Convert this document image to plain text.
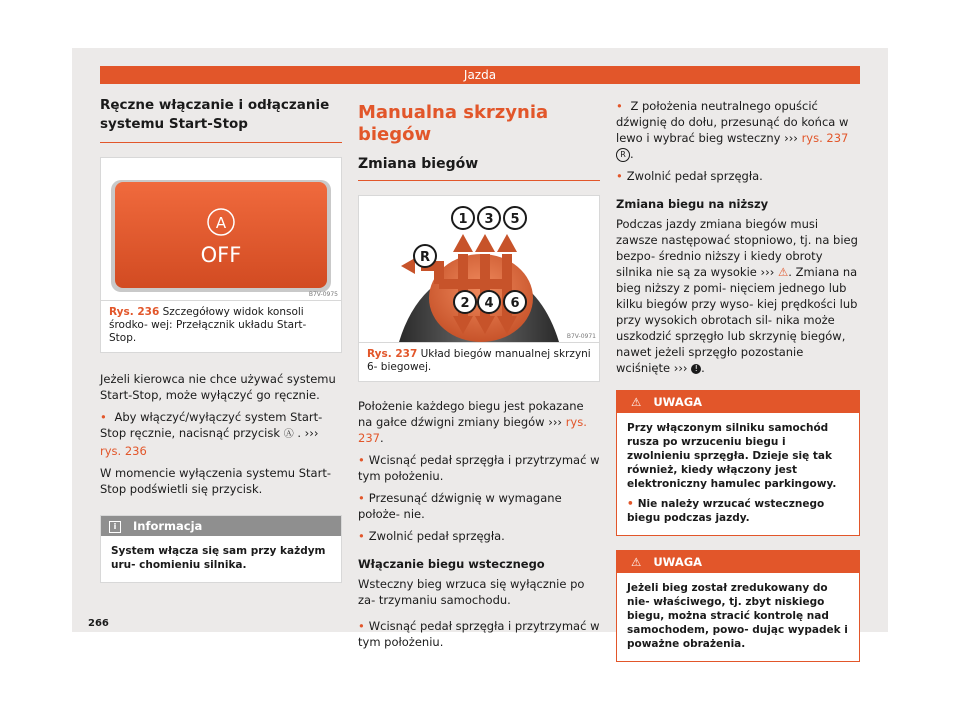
Jazda
Ręczne włączanie i odłączanie systemu Start-Stop
A
OFF
B7V-0975
Rys. 236 Szczegółowy widok konsoli środko- wej: Przełącznik układu Start-Stop.

Jeżeli kierowca nie chce używać systemu Start-Stop, może wyłączyć go ręcznie.

• Aby włączyć/wyłączyć system Start-Stop ręcznie, nacisnąć przycisk Ⓐ . ››› rys. 236

W momencie wyłączenia systemu Start-Stop podświetli się przycisk.

i Informacja
System włącza się sam przy każdym uru- chomieniu silnika.
Manualna skrzynia biegów
Zmiana biegów
1 3 5
2 4 6
R
B7V-0971
Rys. 237 Układ biegów manualnej skrzyni 6- biegowej.

Położenie każdego biegu jest pokazane na gałce dźwigni zmiany biegów ››› rys. 237.

• Wcisnąć pedał sprzęgła i przytrzymać w tym położeniu.

• Przesunąć dźwignię w wymagane położe- nie.

• Zwolnić pedał sprzęgła.

Włączanie biegu wstecznego

Wsteczny bieg wrzuca się wyłącznie po za- trzymaniu samochodu.

• Wcisnąć pedał sprzęgła i przytrzymać w tym położeniu.

• Z położenia neutralnego opuścić dźwignię do dołu, przesunąć do końca w lewo i wybrać bieg wsteczny ››› rys. 237 R .

• Zwolnić pedał sprzęgła.

Zmiana biegu na niższy

Podczas jazdy zmiana biegów musi zawsze następować stopniowo, tj. na bieg bezpo- średnio niższy i kiedy obroty silnika nie są za wysokie ››› ⚠. Zmiana na bieg niższy z pomi- nięciem jednego lub kilku biegów przy wyso- kiej prędkości lub przy wysokich obrotach sil- nika może uszkodzić sprzęgło lub skrzynię biegów, nawet jeżeli sprzęgło pozostanie wciśnięte ››› ! .

⚠ UWAGA

Przy włączonym silniku samochód rusza po wrzuceniu biegu i zwolnieniu sprzęgła. Dzieje się tak również, kiedy włączony jest elektroniczny hamulec parkingowy.

• Nie należy wrzucać wstecznego biegu podczas jazdy.

⚠ UWAGA
Jeżeli bieg został zredukowany do nie- właściwego, tj. zbyt niskiego biegu, można stracić kontrolę nad samochodem, powo- dując wypadek i poważne obrażenia.
266
